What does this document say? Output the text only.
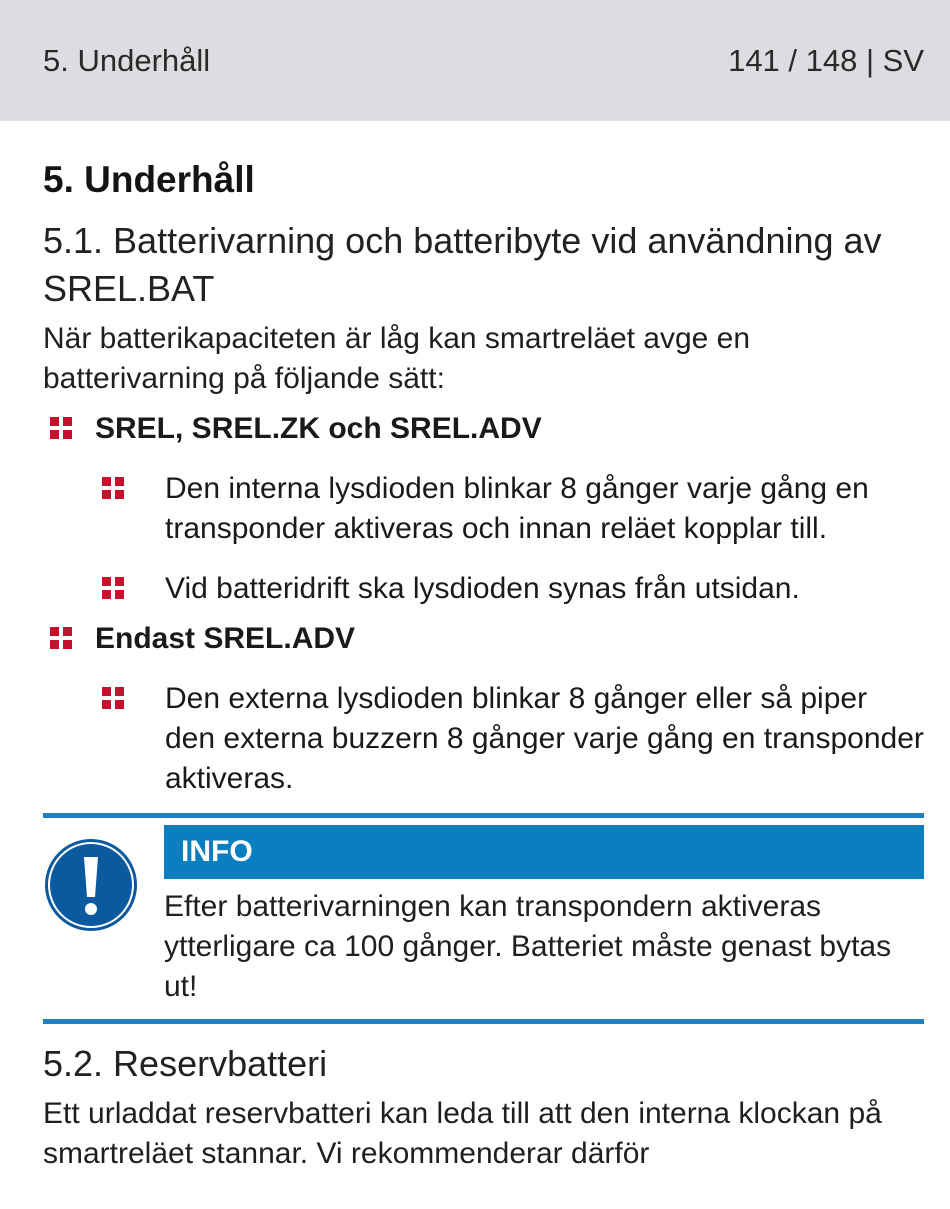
5. Underhåll	141 / 148 | SV
5. Underhåll
5.1. Batterivarning och batteribyte vid användning av SREL.BAT

När batterikapaciteten är låg kan smartreläet avge en batterivarning på följande sätt:

SREL, SREL.ZK och SREL.ADV
Den interna lysdioden blinkar 8 gånger varje gång en transponder aktiveras och innan reläet kopplar till.
Vid batteridrift ska lysdioden synas från utsidan.
Endast SREL.ADV
Den externa lysdioden blinkar 8 gånger eller så piper den externa buzzern 8 gånger varje gång en transponder aktiveras.
INFO
Efter batterivarningen kan transpondern aktiveras ytterligare ca 100 gånger. Batteriet måste genast bytas ut!
5.2. Reservbatteri

Ett urladdat reservbatteri kan leda till att den interna klockan på smartreläet stannar. Vi rekommenderar därför
